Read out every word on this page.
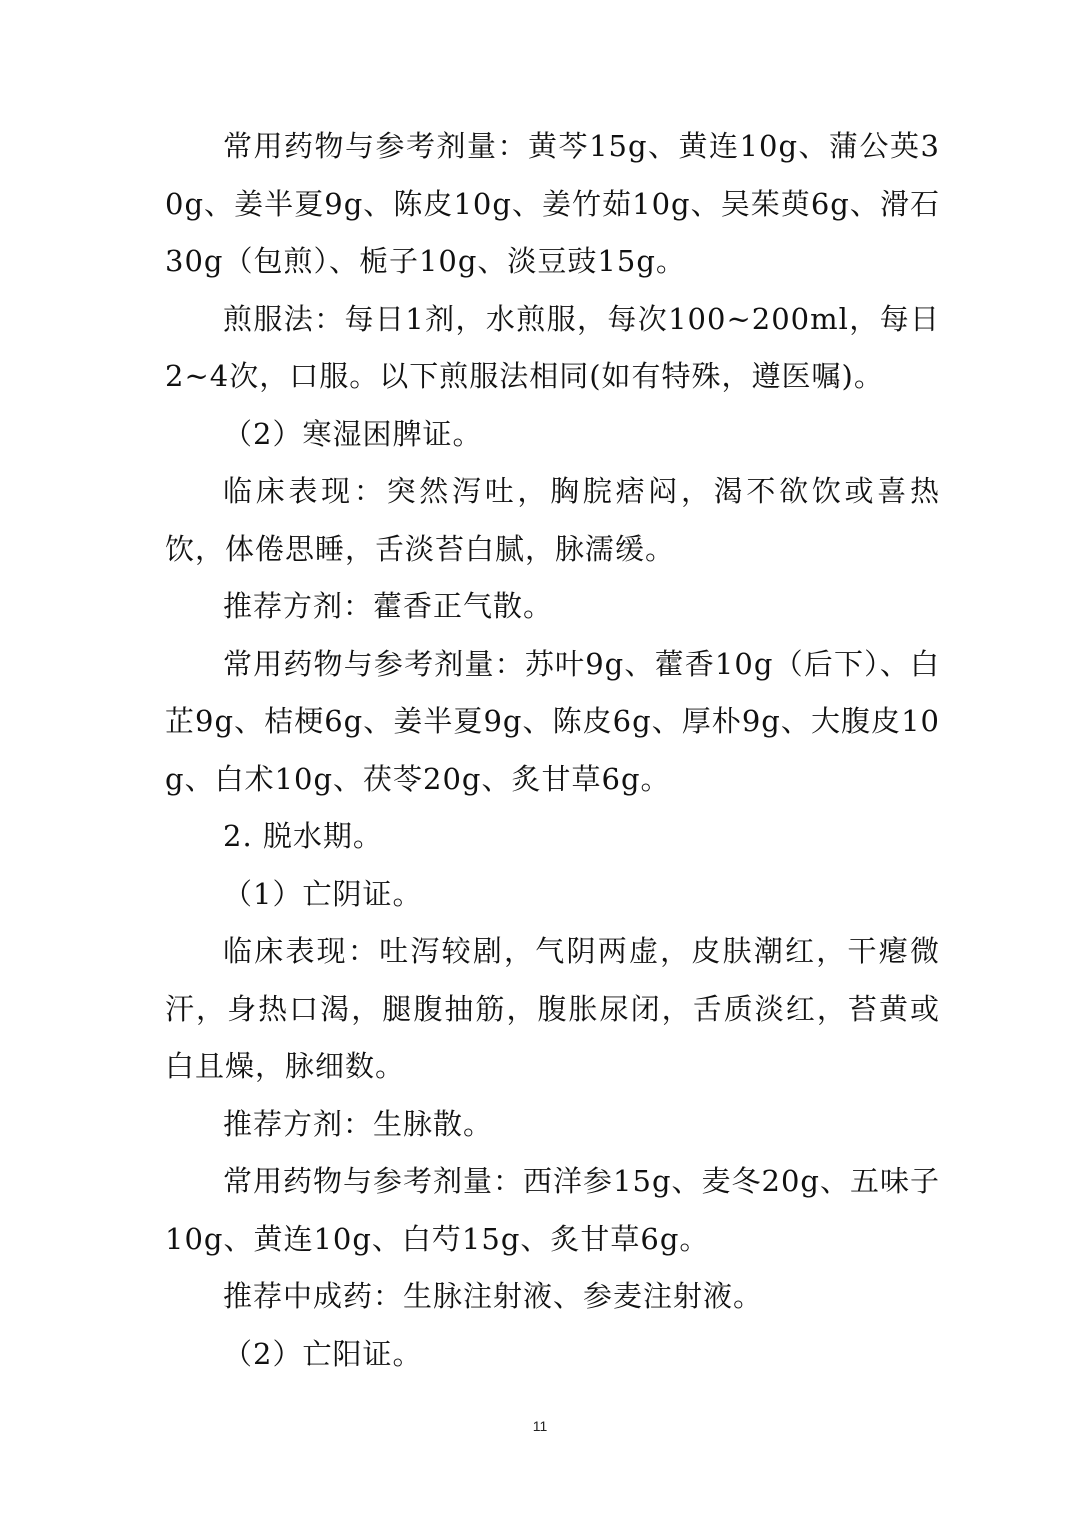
常用药物与参考剂量：黄芩15g、黄连10g、蒲公英30g、姜半夏9g、陈皮10g、姜竹茹10g、吴茱萸6g、滑石30g（包煎）、栀子10g、淡豆豉15g。

煎服法：每日1剂，水煎服，每次100~200ml，每日2~4次，口服。以下煎服法相同(如有特殊，遵医嘱)。

（2）寒湿困脾证。

临床表现：突然泻吐，胸脘痞闷，渴不欲饮或喜热饮，体倦思睡，舌淡苔白腻，脉濡缓。

推荐方剂：藿香正气散。

常用药物与参考剂量：苏叶9g、藿香10g（后下）、白芷9g、桔梗6g、姜半夏9g、陈皮6g、厚朴9g、大腹皮10g、白术10g、茯苓20g、炙甘草6g。

2. 脱水期。

（1）亡阴证。

临床表现：吐泻较剧，气阴两虚，皮肤潮红，干瘪微汗，身热口渴，腿腹抽筋，腹胀尿闭，舌质淡红，苔黄或白且燥，脉细数。

推荐方剂：生脉散。

常用药物与参考剂量：西洋参15g、麦冬20g、五味子10g、黄连10g、白芍15g、炙甘草6g。

推荐中成药：生脉注射液、参麦注射液。

（2）亡阳证。

11
